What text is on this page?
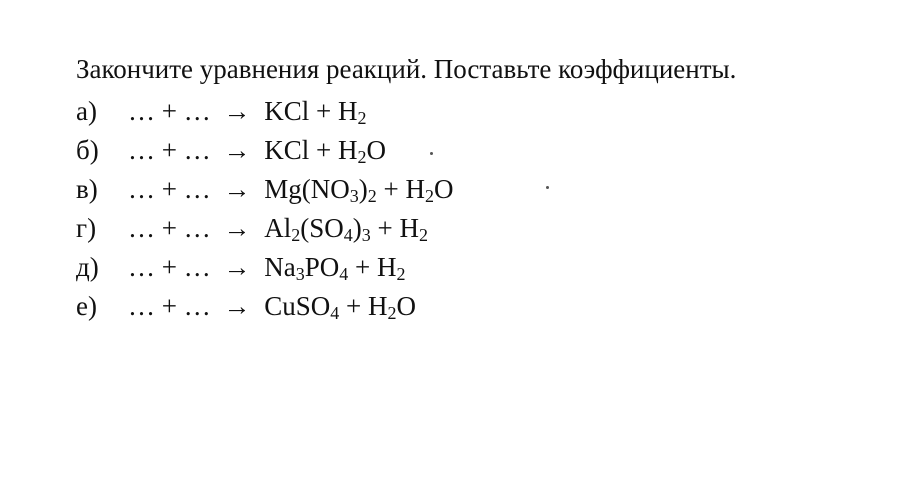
Закончите уравнения реакций. Поставьте коэффициенты.
а)	… + … → KCl + $H_2$
б)	… + … → KCl + $H_2O$
в)	… + … → $Mg(NO_3)_2 + H_2O$
г)	… + … → $Al_2(SO_4)_3 + H_2$
д)	… + … → $Na_3PO_4 + H_2$
е)	… + … → CuSO$_4$ + $H_2O$
